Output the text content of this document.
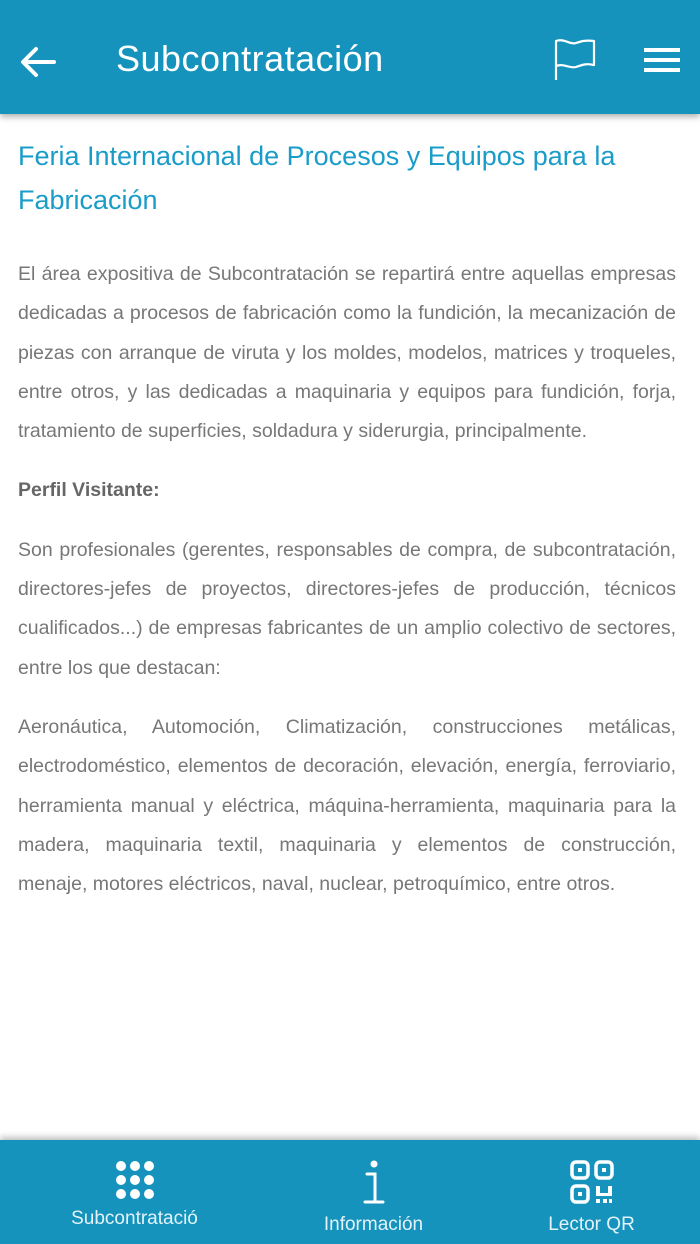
Subcontratación
Feria Internacional de Procesos y Equipos para la Fabricación

El área expositiva de Subcontratación se repartirá entre aquellas empresas dedicadas a procesos de fabricación como la fundición, la mecanización de piezas con arranque de viruta y los moldes, modelos, matrices y troqueles, entre otros, y las dedicadas a maquinaria y equipos para fundición, forja, tratamiento de superficies, soldadura y siderurgia, principalmente.

Perfil Visitante:

Son profesionales (gerentes, responsables de compra, de subcontratación, directores-jefes de proyectos, directores-jefes de producción, técnicos cualificados...) de empresas fabricantes de un amplio colectivo de sectores, entre los que destacan:

Aeronáutica, Automoción, Climatización, construcciones metálicas, electrodoméstico, elementos de decoración, elevación, energía, ferroviario, herramienta manual y eléctrica, máquina-herramienta, maquinaria para la madera, maquinaria textil, maquinaria y elementos de construcción, menaje, motores eléctricos, naval, nuclear, petroquímico, entre otros.

Subcontratació	Información	Lector QR
